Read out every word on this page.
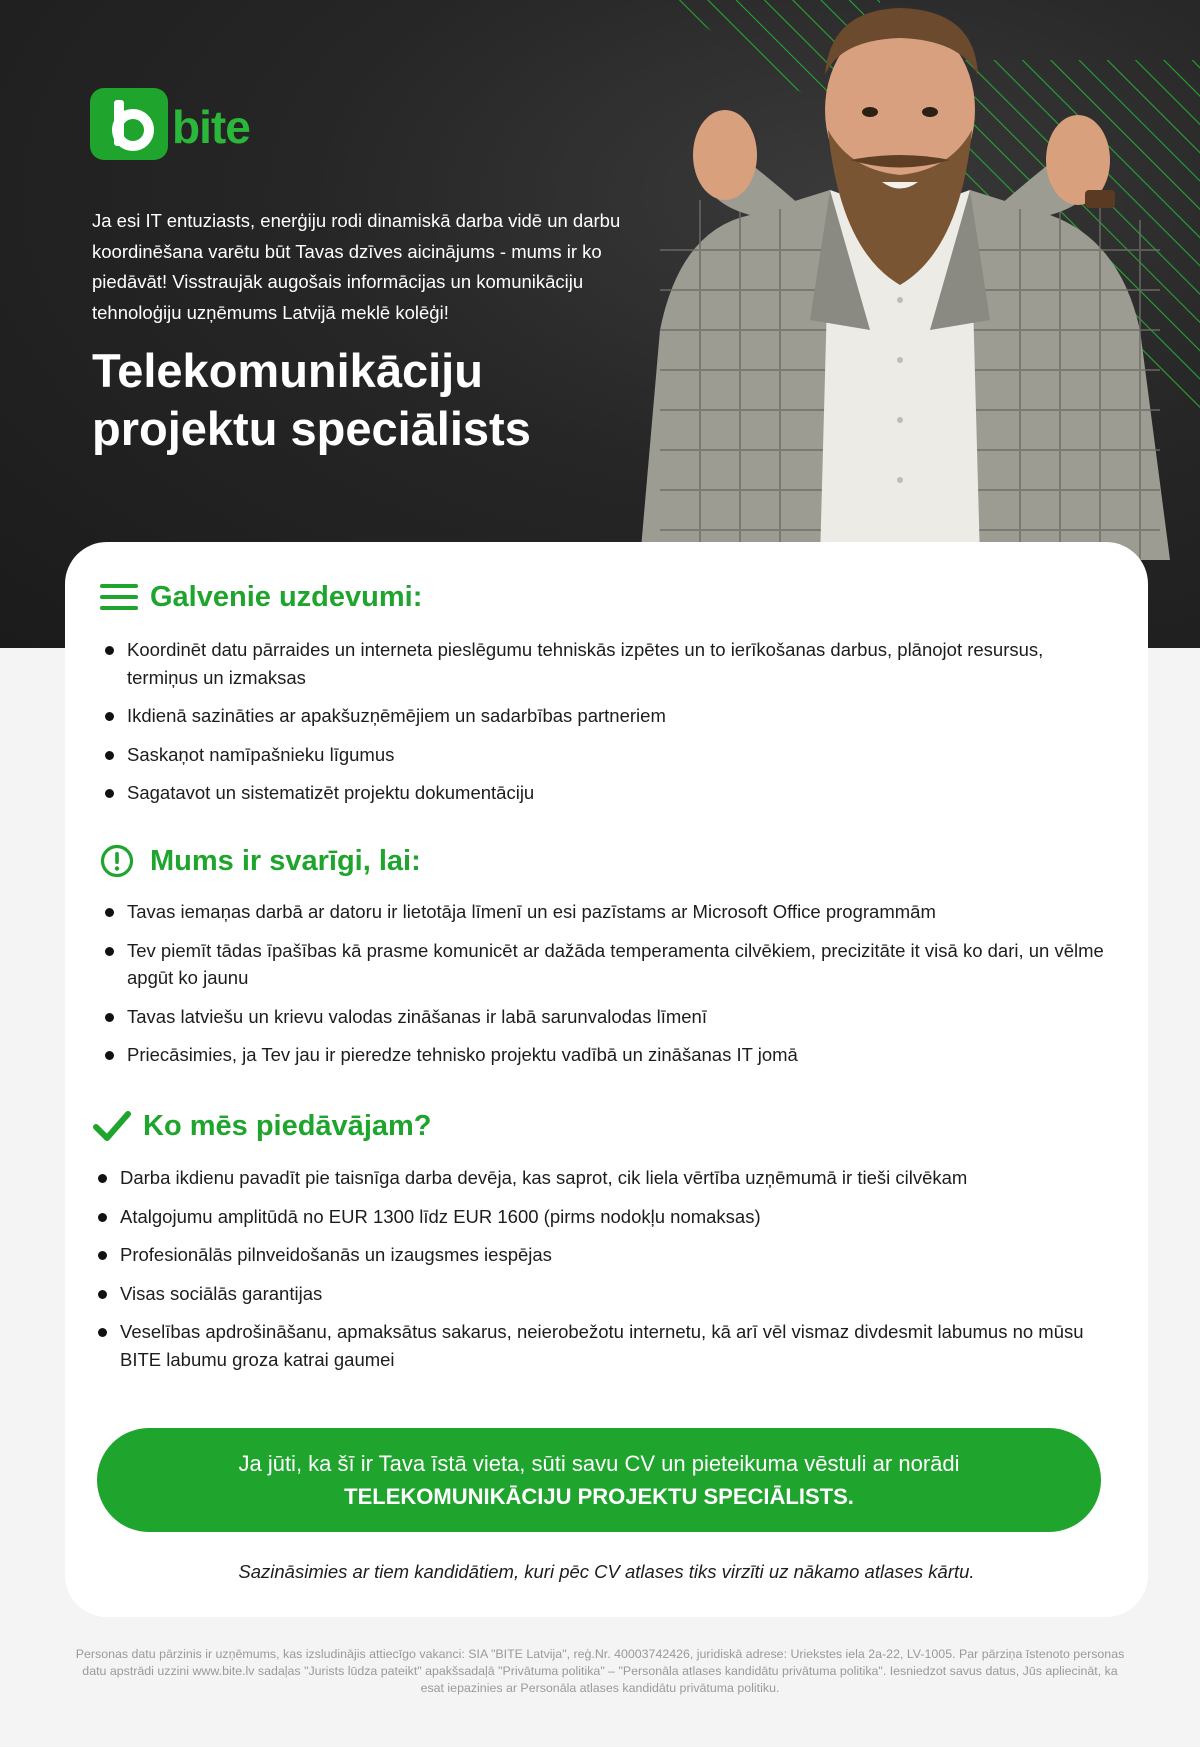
bite

Ja esi IT entuziasts, enerģiju rodi dinamiskā darba vidē un darbu koordinēšana varētu būt Tavas dzīves aicinājums - mums ir ko piedāvāt! Visstraujāk augošais informācijas un komunikāciju tehnoloģiju uzņēmums Latvijā meklē kolēģi!

Telekomunikāciju
projektu speciālists
Galvenie uzdevumi:
Koordinēt datu pārraides un interneta pieslēgumu tehniskās izpētes un to ierīkošanas darbus, plānojot resursus, termiņus un izmaksas
Ikdienā sazināties ar apakšuzņēmējiem un sadarbības partneriem
Saskaņot namīpašnieku līgumus
Sagatavot un sistematizēt projektu dokumentāciju
Mums ir svarīgi, lai:
Tavas iemaņas darbā ar datoru ir lietotāja līmenī un esi pazīstams ar Microsoft Office programmām
Tev piemīt tādas īpašības kā prasme komunicēt ar dažāda temperamenta cilvēkiem, precizitāte it visā ko dari, un vēlme apgūt ko jaunu
Tavas latviešu un krievu valodas zināšanas ir labā sarunvalodas līmenī
Priecāsimies, ja Tev jau ir pieredze tehnisko projektu vadībā un zināšanas IT jomā
Ko mēs piedāvājam?
Darba ikdienu pavadīt pie taisnīga darba devēja, kas saprot, cik liela vērtība uzņēmumā ir tieši cilvēkam
Atalgojumu amplitūdā no EUR 1300 līdz EUR 1600 (pirms nodokļu nomaksas)
Profesionālās pilnveidošanās un izaugsmes iespējas
Visas sociālās garantijas
Veselības apdrošināšanu, apmaksātus sakarus, neierobežotu internetu, kā arī vēl vismaz divdesmit labumus no mūsu BITE labumu groza katrai gaumei
Ja jūti, ka šī ir Tava īstā vieta, sūti savu CV un pieteikuma vēstuli ar norādi
TELEKOMUNIKĀCIJU PROJEKTU SPECIĀLISTS.

Sazināsimies ar tiem kandidātiem, kuri pēc CV atlases tiks virzīti uz nākamo atlases kārtu.

Personas datu pārzinis ir uzņēmums, kas izsludinājis attiecīgo vakanci: SIA "BITE Latvija", reģ.Nr. 40003742426, juridiskā adrese: Uriekstes iela 2a-22, LV-1005. Par pārziņa īstenoto personas datu apstrādi uzzini www.bite.lv sadaļas "Jurists lūdza pateikt" apakšsadaļā "Privātuma politika" – "Personāla atlases kandidātu privātuma politika". Iesniedzot savus datus, Jūs apliecināt, ka esat iepazinies ar Personāla atlases kandidātu privātuma politiku.
